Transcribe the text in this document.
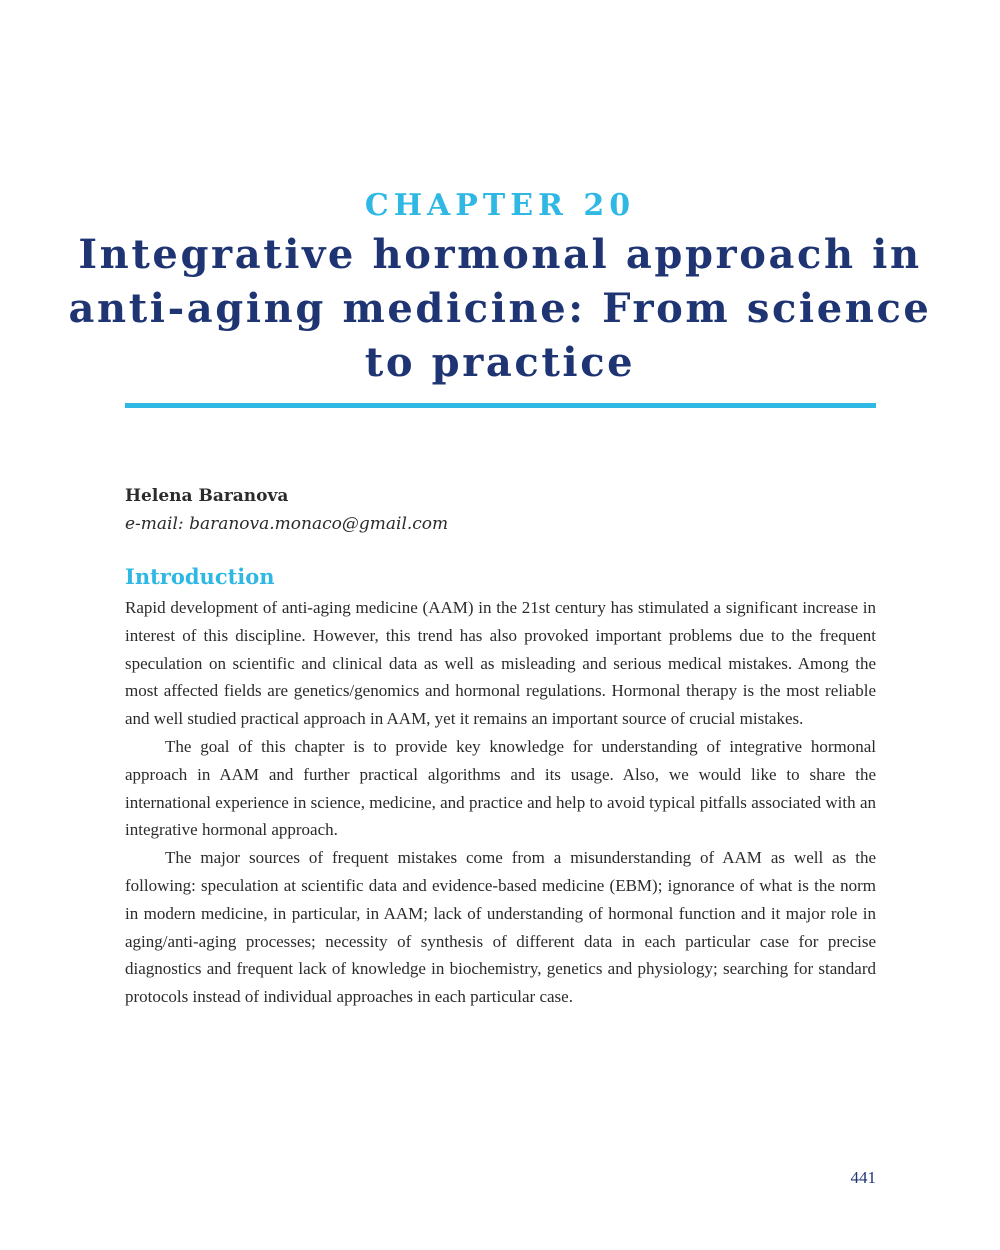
CHAPTER 20
Integrative hormonal approach in anti-aging medicine: From science to practice
Helena Baranova
e-mail: baranova.monaco@gmail.com
Introduction

Rapid development of anti-aging medicine (AAM) in the 21st century has stimulated a significant increase in interest of this discipline. However, this trend has also provoked important problems due to the frequent speculation on scientific and clinical data as well as misleading and serious medical mistakes. Among the most affected fields are genetics/genomics and hormonal regulations. Hormonal therapy is the most reliable and well studied practical approach in AAM, yet it remains an important source of crucial mistakes.

The goal of this chapter is to provide key knowledge for understanding of integrative hormonal approach in AAM and further practical algorithms and its usage. Also, we would like to share the international experience in science, medicine, and practice and help to avoid typical pitfalls associated with an integrative hormonal approach.

The major sources of frequent mistakes come from a misunderstanding of AAM as well as the following: speculation at scientific data and evidence-based medicine (EBM); ignorance of what is the norm in modern medicine, in particular, in AAM; lack of understanding of hormonal function and it major role in aging/anti-aging processes; necessity of synthesis of different data in each particular case for precise diagnostics and frequent lack of knowledge in biochemistry, genetics and physiology; searching for standard protocols instead of individual approaches in each particular case.

441
